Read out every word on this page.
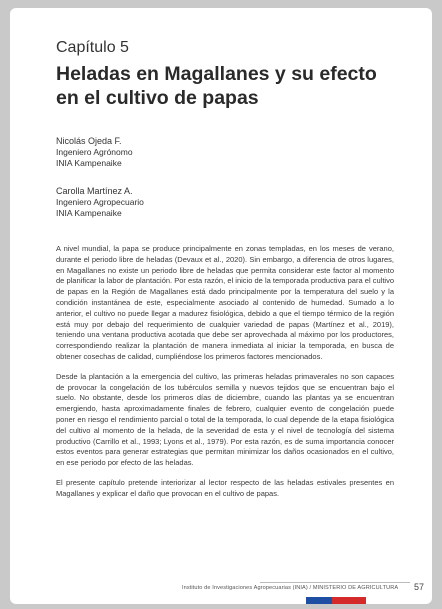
Capítulo 5
Heladas en Magallanes y su efecto
en el cultivo de papas
Nicolás Ojeda F.
Ingeniero Agrónomo
INIA Kampenaike
Carolla Martínez A.
Ingeniero Agropecuario
INIA Kampenaike

A nivel mundial, la papa se produce principalmente en zonas templadas, en los meses de verano, durante el periodo libre de heladas (Devaux et al., 2020). Sin embargo, a diferencia de otros lugares, en Magallanes no existe un periodo libre de heladas que permita considerar este factor al momento de planificar la labor de plantación. Por esta razón, el inicio de la temporada productiva para el cultivo de papas en la Región de Magallanes está dado principalmente por la temperatura del suelo y la condición instantánea de este, especialmente asociado al contenido de humedad. Sumado a lo anterior, el cultivo no puede llegar a madurez fisiológica, debido a que el tiempo térmico de la región está muy por debajo del requerimiento de cualquier variedad de papas (Martínez et al., 2019), teniendo una ventana productiva acotada que debe ser aprovechada al máximo por los productores, correspondiendo realizar la plantación de manera inmediata al iniciar la temporada, en busca de obtener cosechas de calidad, cumpliéndose los primeros factores mencionados.

Desde la plantación a la emergencia del cultivo, las primeras heladas primaverales no son capaces de provocar la congelación de los tubérculos semilla y nuevos tejidos que se encuentran bajo el suelo. No obstante, desde los primeros días de diciembre, cuando las plantas ya se encuentran emergiendo, hasta aproximadamente finales de febrero, cualquier evento de congelación puede poner en riesgo el rendimiento parcial o total de la temporada, lo cual depende de la etapa fisiológica del cultivo al momento de la helada, de la severidad de esta y el nivel de tecnología del sistema productivo (Carrillo et al., 1993; Lyons et al., 1979). Por esta razón, es de suma importancia conocer estos eventos para generar estrategias que permitan minimizar los daños ocasionados en el cultivo, en ese periodo por efecto de las heladas.

El presente capítulo pretende interiorizar al lector respecto de las heladas estivales presentes en Magallanes y explicar el daño que provocan en el cultivo de papas.

Instituto de Investigaciones Agropecuarias (INIA) / MINISTERIO DE AGRICULTURA 57
